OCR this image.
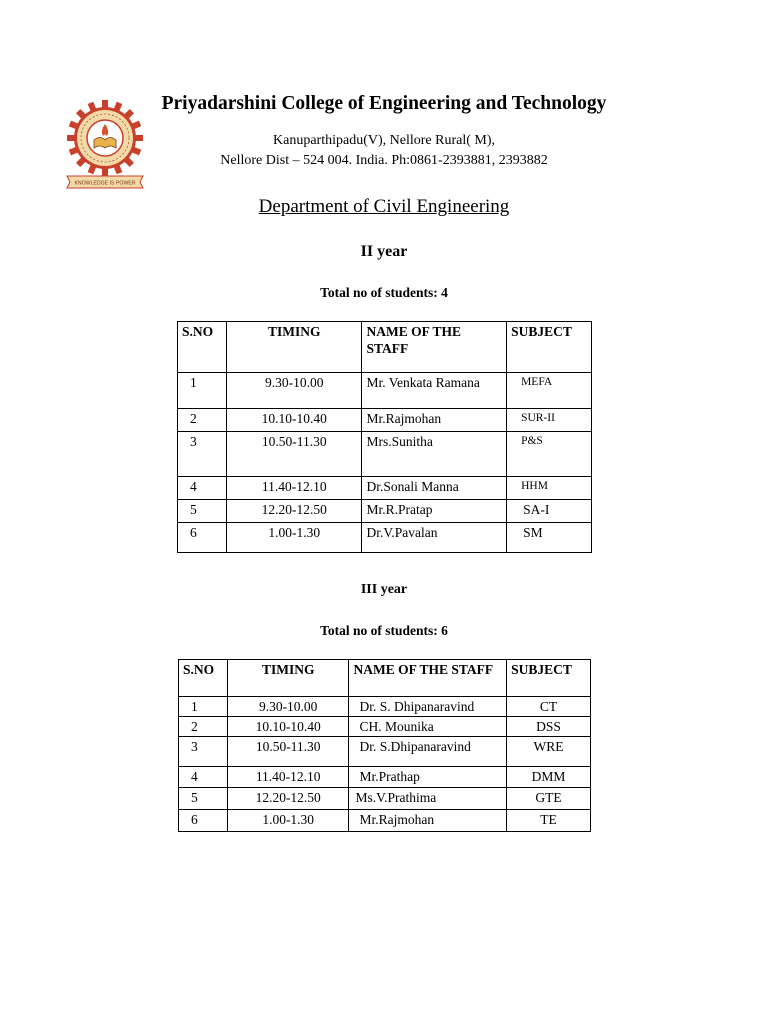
KNOWLEDGE IS POWER
Priyadarshini College of Engineering and Technology
Kanuparthipadu(V), Nellore Rural( M),
Nellore Dist – 524 004. India. Ph:0861-2393881, 2393882
Department of Civil Engineering
II year
Total no of students: 4
S.NO	TIMING	NAME OF THE STAFF	SUBJECT
1	9.30-10.00	Mr. Venkata Ramana	MEFA
2	10.10-10.40	Mr.Rajmohan	SUR-II
3	10.50-11.30	Mrs.Sunitha	P&S
4	11.40-12.10	Dr.Sonali Manna	HHM
5	12.20-12.50	Mr.R.Pratap	SA-I
6	1.00-1.30	Dr.V.Pavalan	SM
III year
Total no of students: 6
S.NO	TIMING	NAME OF THE STAFF	SUBJECT
1	9.30-10.00	Dr. S. Dhipanaravind	CT
2	10.10-10.40	CH. Mounika	DSS
3	10.50-11.30	Dr. S.Dhipanaravind	WRE
4	11.40-12.10	Mr.Prathap	DMM
5	12.20-12.50	Ms.V.Prathima	GTE
6	1.00-1.30	Mr.Rajmohan	TE
